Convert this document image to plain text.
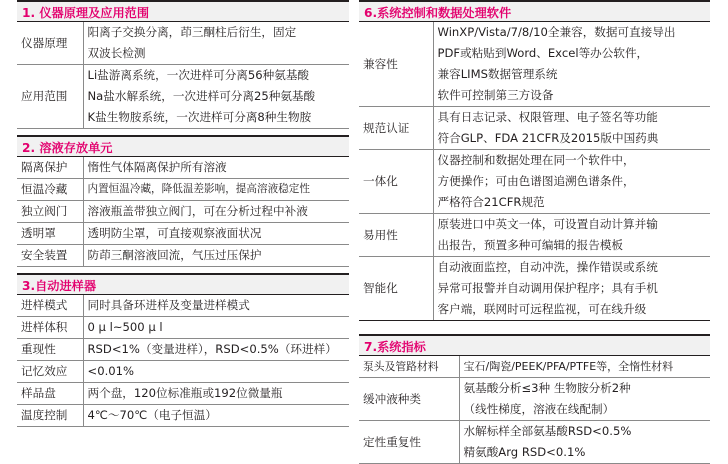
1. 仪器原理及应用范围
仪器原理	阳离子交换分离，茚三酮柱后衍生，固定
双波长检测

应用范围	Li盐游离系统，一次进样可分离56种氨基酸
Na盐水解系统，一次进样可分离25种氨基酸
K盐生物胺系统，一次进样可分离8种生物胺
2. 溶液存放单元
隔离保护	惰性气体隔离保护所有溶液
恒温冷藏	内置恒温冷藏，降低温差影响，提高溶液稳定性
独立阀门	溶液瓶盖带独立阀门，可在分析过程中补液
透明罩	透明防尘罩，可直接观察液面状况
安全装置	防茚三酮溶液回流，气压过压保护
3.自动进样器
进样模式	同时具备环进样及变量进样模式
进样体积	0 μ l~500 μ l
重现性	RSD<1%（变量进样），RSD<0.5%（环进样）
记忆效应	<0.01%
样品盘	两个盘，120位标准瓶或192位微量瓶
温度控制	4℃～70℃（电子恒温）
6.系统控制和数据处理软件
兼容性	WinXP/Vista/7/8/10全兼容，数据可直接导出
PDF或粘贴到Word、Excel等办公软件，
兼容LIMS数据管理系统
软件可控制第三方设备

规范认证	具有日志记录、权限管理、电子签名等功能
符合GLP、FDA 21CFR及2015版中国药典

一体化	仪器控制和数据处理在同一个软件中，
方便操作；可由色谱图追溯色谱条件，
严格符合21CFR规范

易用性	原装进口中英文一体，可设置自动计算并输
出报告，预置多种可编辑的报告模板

智能化	自动液面监控，自动冲洗，操作错误或系统
异常可报警并自动调用保护程序；具有手机
客户端，联网时可远程监视，可在线升级
7.系统指标
泵头及管路材料	宝石/陶瓷/PEEK/PFA/PTFE等，全惰性材料
缓冲液种类	氨基酸分析≤3种 生物胺分析2种
（线性梯度，溶液在线配制）

定性重复性	水解标样全部氨基酸RSD<0.5%
精氨酸Arg RSD<0.1%
